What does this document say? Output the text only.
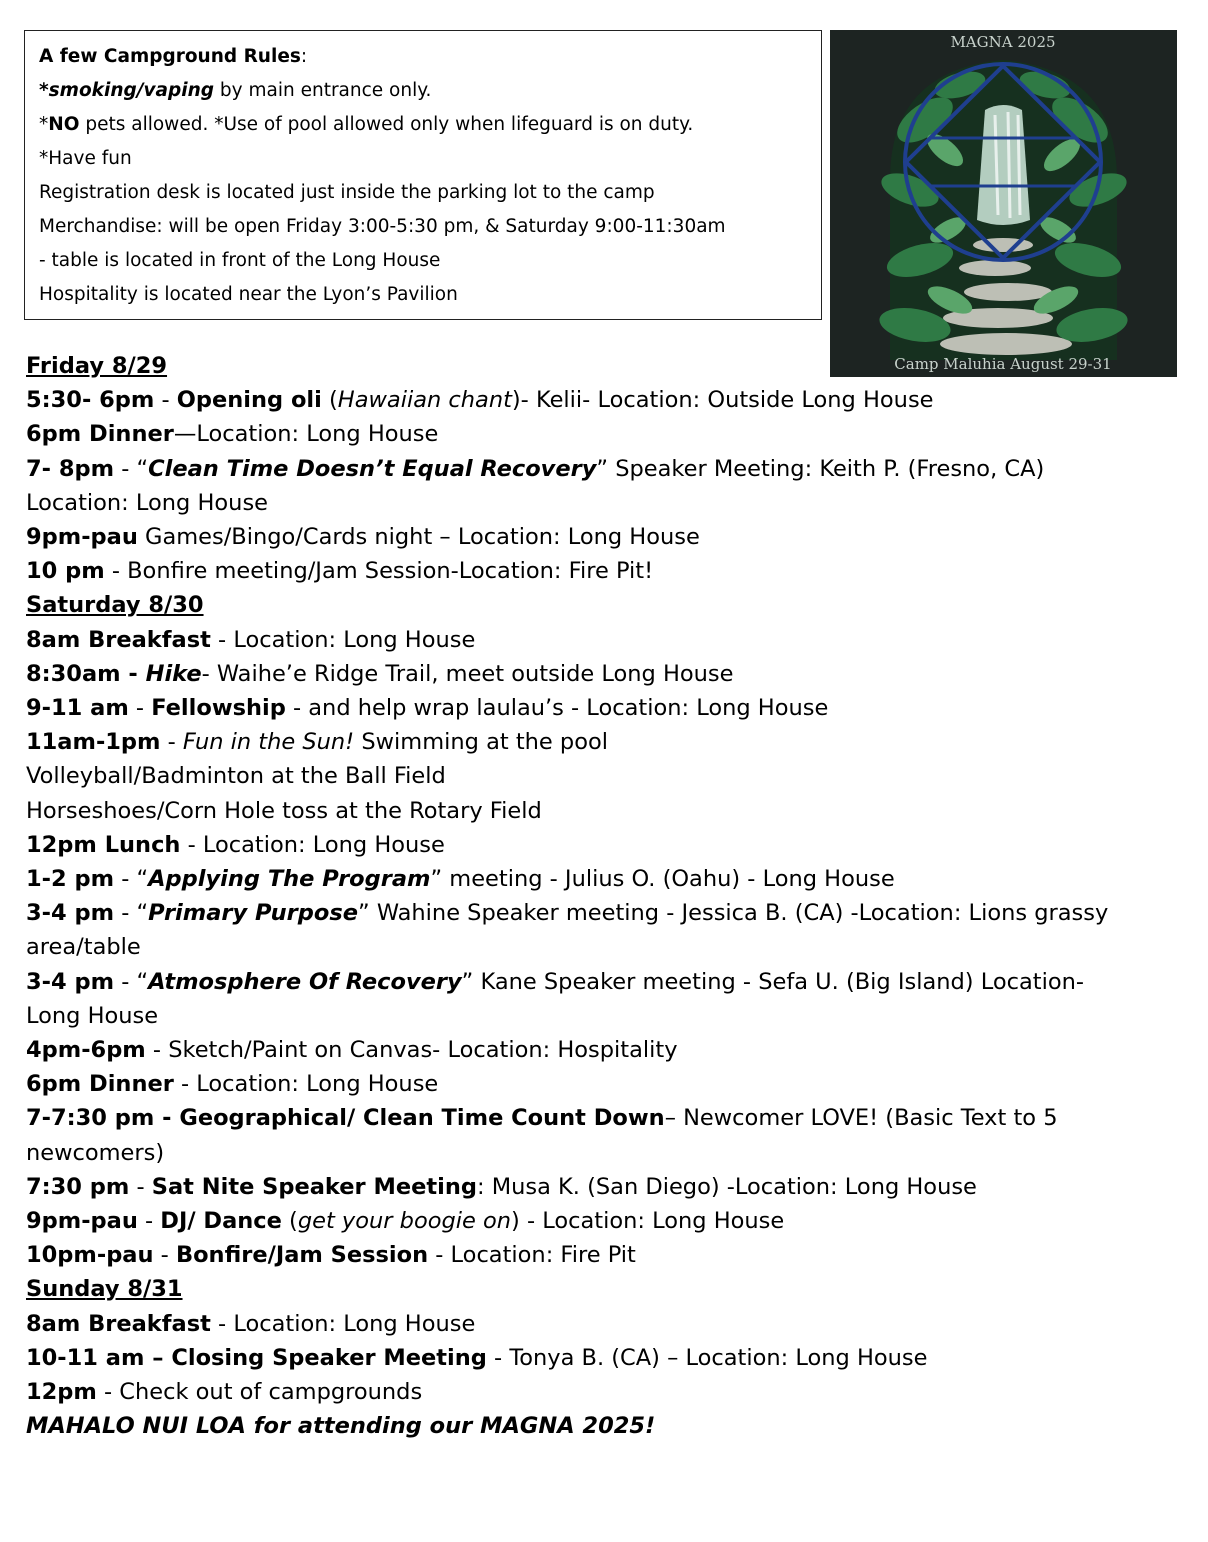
A few Campground Rules:
*smoking/vaping by main entrance only.
*NO pets allowed. *Use of pool allowed only when lifeguard is on duty.
*Have fun
Registration desk is located just inside the parking lot to the camp
Merchandise: will be open Friday 3:00-5:30 pm, & Saturday 9:00-11:30am
- table is located in front of the Long House
Hospitality is located near the Lyon’s Pavilion
MAGNA 2025
Camp Maluhia August 29-31
Friday 8/29
5:30- 6pm - Opening oli (Hawaiian chant)- Kelii- Location: Outside Long House
6pm Dinner—Location: Long House
7- 8pm - “Clean Time Doesn’t Equal Recovery” Speaker Meeting: Keith P. (Fresno, CA)
Location: Long House
9pm-pau Games/Bingo/Cards night – Location: Long House
10 pm - Bonfire meeting/Jam Session-Location: Fire Pit!
Saturday 8/30
8am Breakfast - Location: Long House
8:30am - Hike- Waihe’e Ridge Trail, meet outside Long House
9-11 am - Fellowship - and help wrap laulau’s - Location: Long House
11am-1pm - Fun in the Sun! Swimming at the pool
Volleyball/Badminton at the Ball Field
Horseshoes/Corn Hole toss at the Rotary Field
12pm Lunch - Location: Long House
1-2 pm - “Applying The Program” meeting - Julius O. (Oahu) - Long House
3-4 pm - “Primary Purpose” Wahine Speaker meeting - Jessica B. (CA) -Location: Lions grassy
area/table
3-4 pm - “Atmosphere Of Recovery” Kane Speaker meeting - Sefa U. (Big Island) Location-
Long House
4pm-6pm - Sketch/Paint on Canvas- Location: Hospitality
6pm Dinner - Location: Long House
7-7:30 pm - Geographical/ Clean Time Count Down– Newcomer LOVE! (Basic Text to 5
newcomers)
7:30 pm - Sat Nite Speaker Meeting: Musa K. (San Diego) -Location: Long House
9pm-pau - DJ/ Dance (get your boogie on) - Location: Long House
10pm-pau - Bonfire/Jam Session - Location: Fire Pit
Sunday 8/31
8am Breakfast - Location: Long House
10-11 am – Closing Speaker Meeting - Tonya B. (CA) – Location: Long House
12pm - Check out of campgrounds
MAHALO NUI LOA for attending our MAGNA 2025!
